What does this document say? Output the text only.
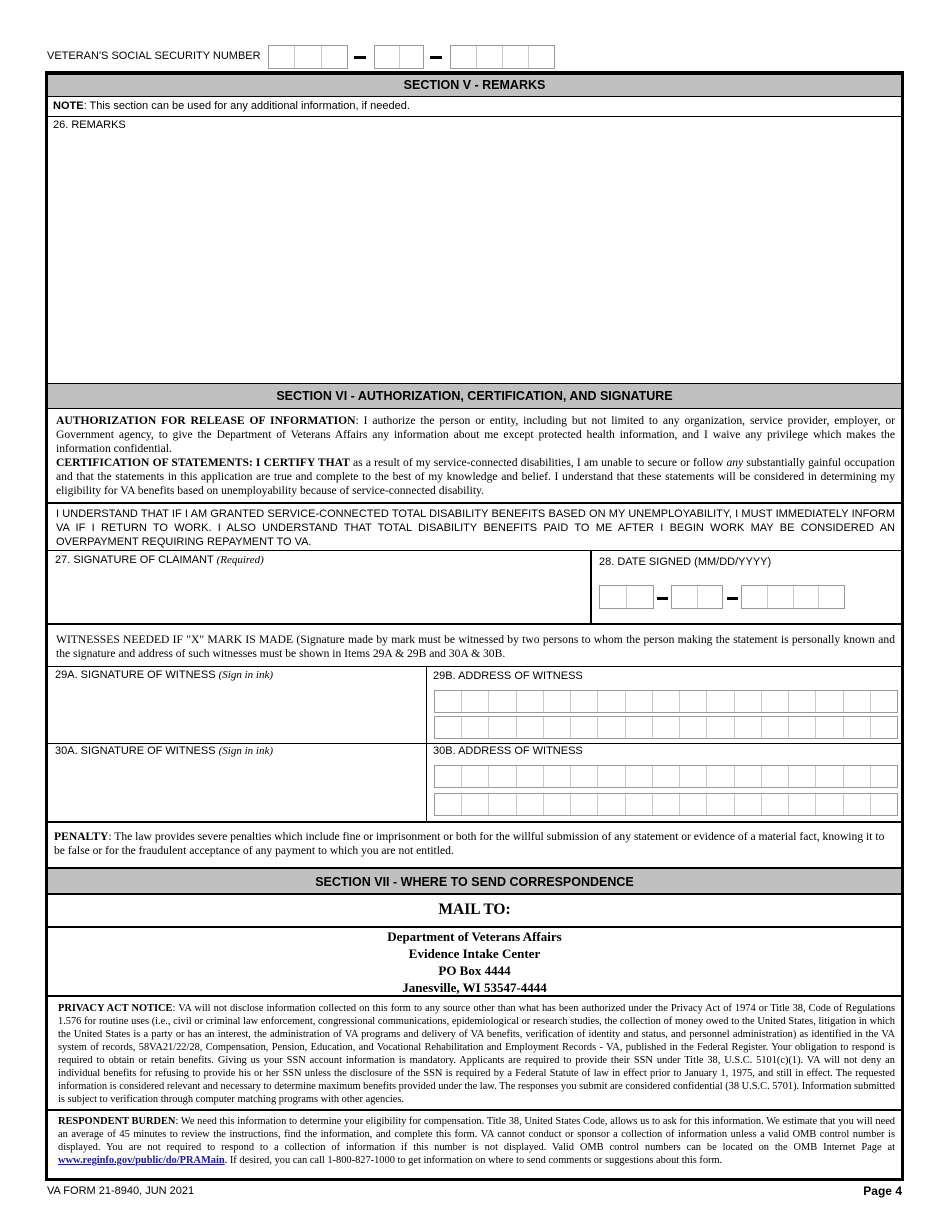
VETERAN'S SOCIAL SECURITY NUMBER
SECTION V - REMARKS
NOTE: This section can be used for any additional information, if needed.
26. REMARKS
SECTION VI - AUTHORIZATION, CERTIFICATION, AND SIGNATURE
AUTHORIZATION FOR RELEASE OF INFORMATION: I authorize the person or entity, including but not limited to any organization, service provider, employer, or Government agency, to give the Department of Veterans Affairs any information about me except protected health information, and I waive any privilege which makes the information confidential.
CERTIFICATION OF STATEMENTS: I CERTIFY THAT as a result of my service-connected disabilities, I am unable to secure or follow any substantially gainful occupation and that the statements in this application are true and complete to the best of my knowledge and belief. I understand that these statements will be considered in determining my eligibility for VA benefits based on unemployability because of service-connected disability.
I UNDERSTAND THAT IF I AM GRANTED SERVICE-CONNECTED TOTAL DISABILITY BENEFITS BASED ON MY UNEMPLOYABILITY, I MUST IMMEDIATELY INFORM VA IF I RETURN TO WORK. I ALSO UNDERSTAND THAT TOTAL DISABILITY BENEFITS PAID TO ME AFTER I BEGIN WORK MAY BE CONSIDERED AN OVERPAYMENT REQUIRING REPAYMENT TO VA.
27. SIGNATURE OF CLAIMANT (Required)	28. DATE SIGNED (MM/DD/YYYY)
WITNESSES NEEDED IF "X" MARK IS MADE (Signature made by mark must be witnessed by two persons to whom the person making the statement is personally known and the signature and address of such witnesses must be shown in Items 29A & 29B and 30A & 30B.
29A. SIGNATURE OF WITNESS (Sign in ink)	29B. ADDRESS OF WITNESS
30A. SIGNATURE OF WITNESS (Sign in ink)	30B. ADDRESS OF WITNESS
PENALTY: The law provides severe penalties which include fine or imprisonment or both for the willful submission of any statement or evidence of a material fact, knowing it to be false or for the fraudulent acceptance of any payment to which you are not entitled.
SECTION VII - WHERE TO SEND CORRESPONDENCE
MAIL TO:
Department of Veterans Affairs
Evidence Intake Center
PO Box 4444
Janesville, WI 53547-4444
PRIVACY ACT NOTICE: VA will not disclose information collected on this form to any source other than what has been authorized under the Privacy Act of 1974 or Title 38, Code of Regulations 1.576 for routine uses (i.e., civil or criminal law enforcement, congressional communications, epidemiological or research studies, the collection of money owed to the United States, litigation in which the United States is a party or has an interest, the administration of VA programs and delivery of VA benefits, verification of identity and status, and personnel administration) as identified in the VA system of records, 58VA21/22/28, Compensation, Pension, Education, and Vocational Rehabilitation and Employment Records - VA, published in the Federal Register. Your obligation to respond is required to obtain or retain benefits. Giving us your SSN account information is mandatory. Applicants are required to provide their SSN under Title 38, U.S.C. 5101(c)(1). VA will not deny an individual benefits for refusing to provide his or her SSN unless the disclosure of the SSN is required by a Federal Statute of law in effect prior to January 1, 1975, and still in effect. The requested information is considered relevant and necessary to determine maximum benefits provided under the law. The responses you submit are considered confidential (38 U.S.C. 5701). Information submitted is subject to verification through computer matching programs with other agencies.
RESPONDENT BURDEN: We need this information to determine your eligibility for compensation. Title 38, United States Code, allows us to ask for this information. We estimate that you will need an average of 45 minutes to review the instructions, find the information, and complete this form. VA cannot conduct or sponsor a collection of information unless a valid OMB control number is displayed. You are not required to respond to a collection of information if this number is not displayed. Valid OMB control numbers can be located on the OMB Internet Page at www.reginfo.gov/public/do/PRAMain. If desired, you can call 1-800-827-1000 to get information on where to send comments or suggestions about this form.
VA FORM 21-8940, JUN 2021	Page 4
